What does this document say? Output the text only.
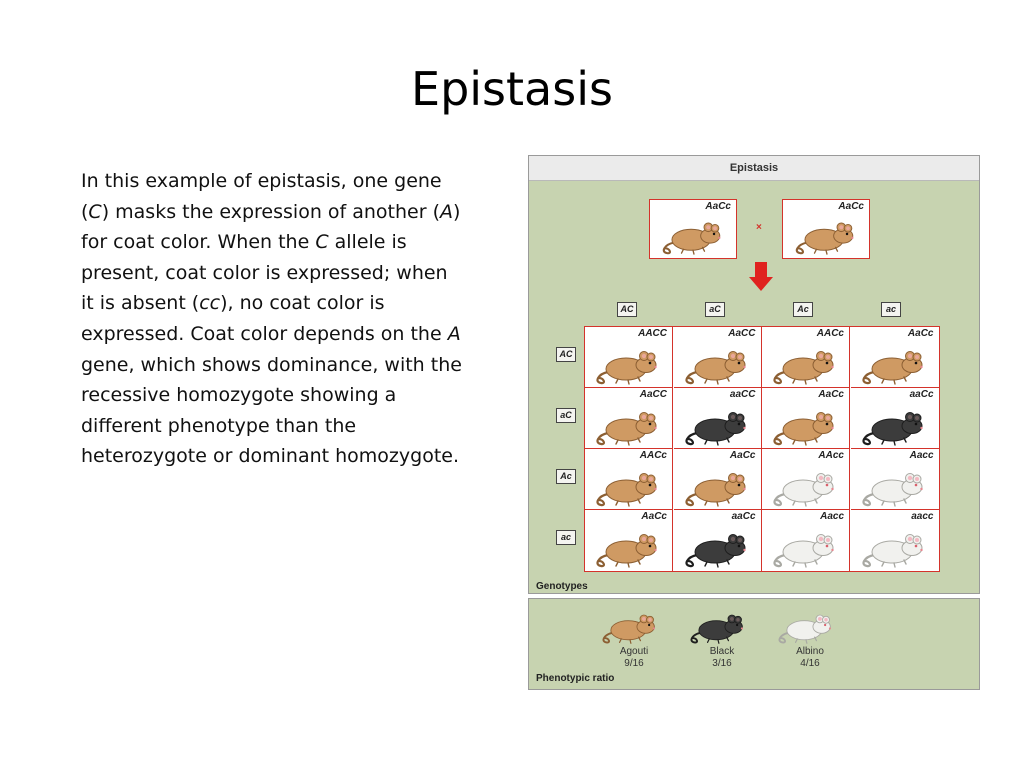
Epistasis
In this example of epistasis, one gene
(C) masks the expression of another (A)
for coat color. When the C allele is
present, coat color is expressed; when
it is absent (cc), no coat color is
expressed. Coat color depends on the A
gene, which shows dominance, with the
recessive homozygote showing a
different phenotype than the
heterozygote or dominant homozygote.
Epistasis
AaCc
×
AaCc
AC	aC	Ac	ac
AC
aC
Ac
ac
AACC	AaCC	AACc	AaCc
AaCC	aaCC	AaCc	aaCc
AACc	AaCc	AAcc	Aacc
AaCc	aaCc	Aacc	aacc
Genotypes
Phenotypic ratio
Agouti
9/16
Black
3/16
Albino
4/16
